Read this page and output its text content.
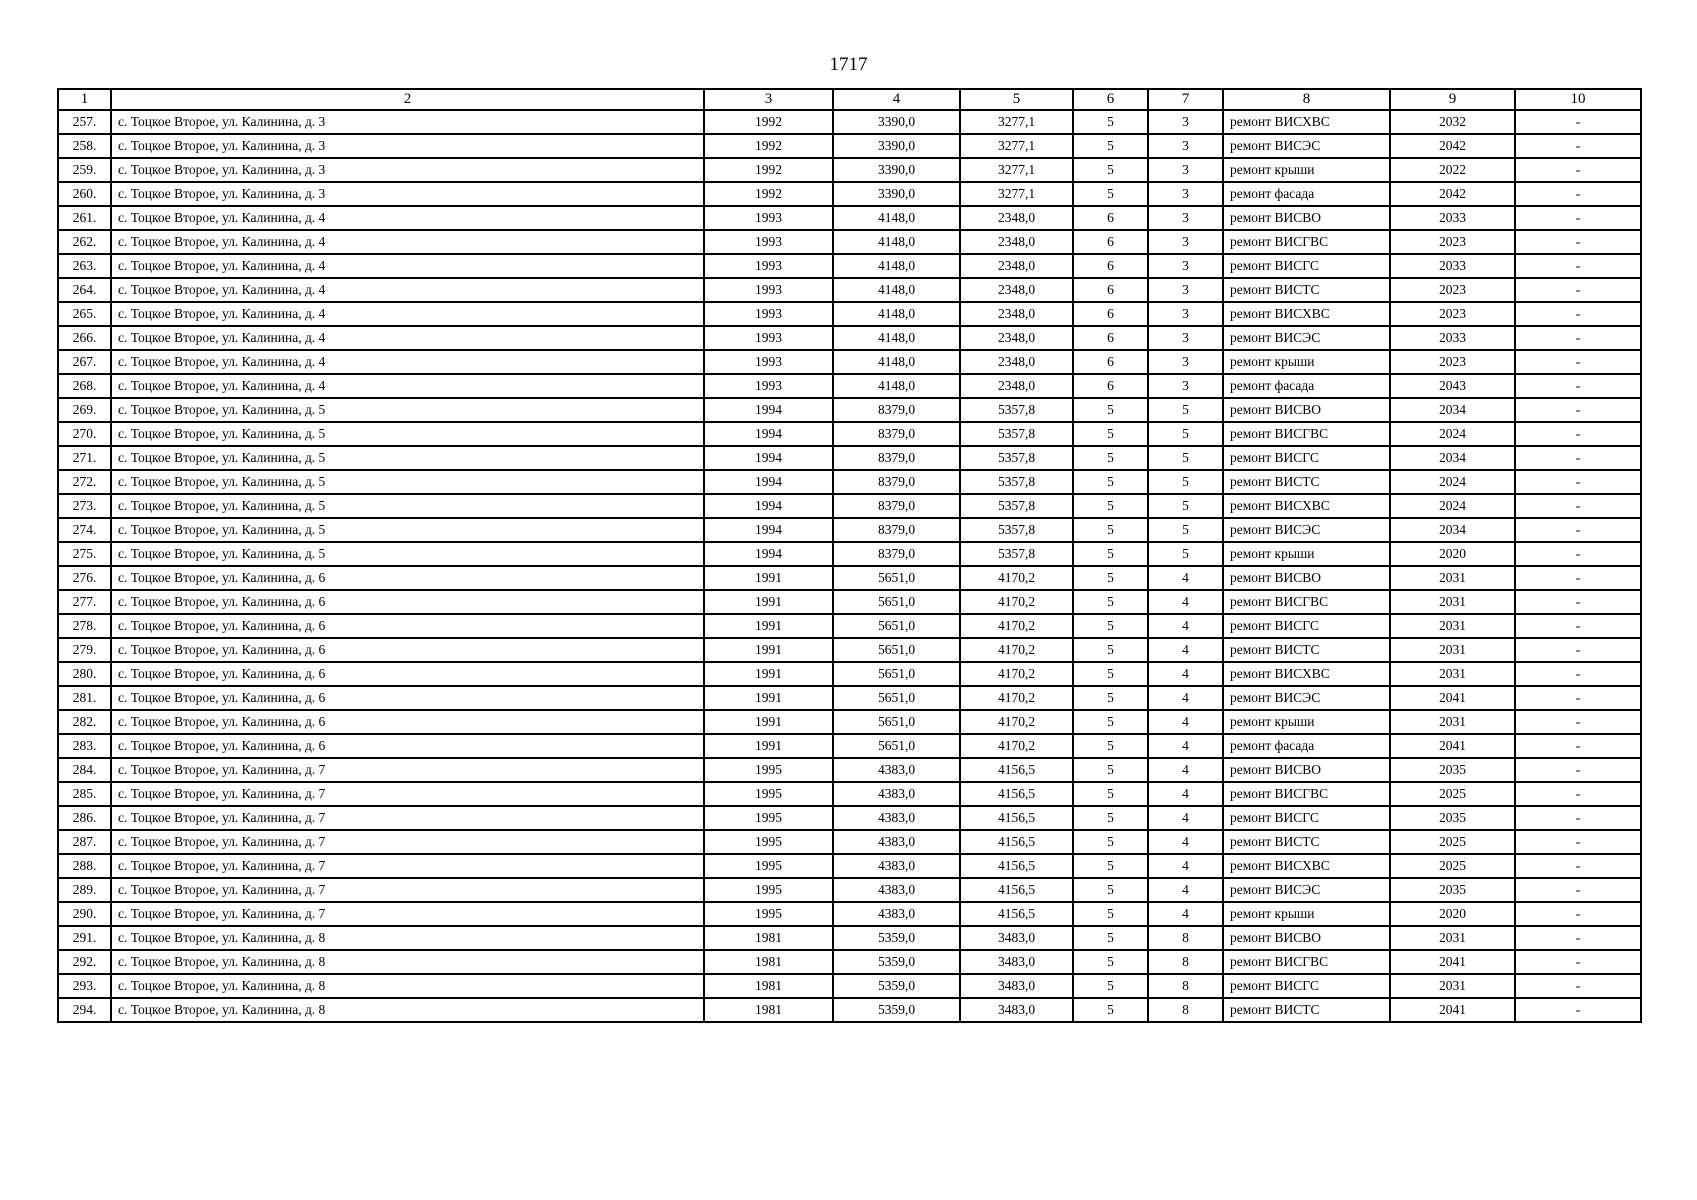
1717
1	2	3	4	5	6	7	8	9	10
257.	с. Тоцкое Второе, ул. Калинина, д. 3	1992	3390,0	3277,1	5	3	ремонт ВИСХВС	2032	-
258.	с. Тоцкое Второе, ул. Калинина, д. 3	1992	3390,0	3277,1	5	3	ремонт ВИСЭС	2042	-
259.	с. Тоцкое Второе, ул. Калинина, д. 3	1992	3390,0	3277,1	5	3	ремонт крыши	2022	-
260.	с. Тоцкое Второе, ул. Калинина, д. 3	1992	3390,0	3277,1	5	3	ремонт фасада	2042	-
261.	с. Тоцкое Второе, ул. Калинина, д. 4	1993	4148,0	2348,0	6	3	ремонт ВИСВО	2033	-
262.	с. Тоцкое Второе, ул. Калинина, д. 4	1993	4148,0	2348,0	6	3	ремонт ВИСГВС	2023	-
263.	с. Тоцкое Второе, ул. Калинина, д. 4	1993	4148,0	2348,0	6	3	ремонт ВИСГС	2033	-
264.	с. Тоцкое Второе, ул. Калинина, д. 4	1993	4148,0	2348,0	6	3	ремонт ВИСТС	2023	-
265.	с. Тоцкое Второе, ул. Калинина, д. 4	1993	4148,0	2348,0	6	3	ремонт ВИСХВС	2023	-
266.	с. Тоцкое Второе, ул. Калинина, д. 4	1993	4148,0	2348,0	6	3	ремонт ВИСЭС	2033	-
267.	с. Тоцкое Второе, ул. Калинина, д. 4	1993	4148,0	2348,0	6	3	ремонт крыши	2023	-
268.	с. Тоцкое Второе, ул. Калинина, д. 4	1993	4148,0	2348,0	6	3	ремонт фасада	2043	-
269.	с. Тоцкое Второе, ул. Калинина, д. 5	1994	8379,0	5357,8	5	5	ремонт ВИСВО	2034	-
270.	с. Тоцкое Второе, ул. Калинина, д. 5	1994	8379,0	5357,8	5	5	ремонт ВИСГВС	2024	-
271.	с. Тоцкое Второе, ул. Калинина, д. 5	1994	8379,0	5357,8	5	5	ремонт ВИСГС	2034	-
272.	с. Тоцкое Второе, ул. Калинина, д. 5	1994	8379,0	5357,8	5	5	ремонт ВИСТС	2024	-
273.	с. Тоцкое Второе, ул. Калинина, д. 5	1994	8379,0	5357,8	5	5	ремонт ВИСХВС	2024	-
274.	с. Тоцкое Второе, ул. Калинина, д. 5	1994	8379,0	5357,8	5	5	ремонт ВИСЭС	2034	-
275.	с. Тоцкое Второе, ул. Калинина, д. 5	1994	8379,0	5357,8	5	5	ремонт крыши	2020	-
276.	с. Тоцкое Второе, ул. Калинина, д. 6	1991	5651,0	4170,2	5	4	ремонт ВИСВО	2031	-
277.	с. Тоцкое Второе, ул. Калинина, д. 6	1991	5651,0	4170,2	5	4	ремонт ВИСГВС	2031	-
278.	с. Тоцкое Второе, ул. Калинина, д. 6	1991	5651,0	4170,2	5	4	ремонт ВИСГС	2031	-
279.	с. Тоцкое Второе, ул. Калинина, д. 6	1991	5651,0	4170,2	5	4	ремонт ВИСТС	2031	-
280.	с. Тоцкое Второе, ул. Калинина, д. 6	1991	5651,0	4170,2	5	4	ремонт ВИСХВС	2031	-
281.	с. Тоцкое Второе, ул. Калинина, д. 6	1991	5651,0	4170,2	5	4	ремонт ВИСЭС	2041	-
282.	с. Тоцкое Второе, ул. Калинина, д. 6	1991	5651,0	4170,2	5	4	ремонт крыши	2031	-
283.	с. Тоцкое Второе, ул. Калинина, д. 6	1991	5651,0	4170,2	5	4	ремонт фасада	2041	-
284.	с. Тоцкое Второе, ул. Калинина, д. 7	1995	4383,0	4156,5	5	4	ремонт ВИСВО	2035	-
285.	с. Тоцкое Второе, ул. Калинина, д. 7	1995	4383,0	4156,5	5	4	ремонт ВИСГВС	2025	-
286.	с. Тоцкое Второе, ул. Калинина, д. 7	1995	4383,0	4156,5	5	4	ремонт ВИСГС	2035	-
287.	с. Тоцкое Второе, ул. Калинина, д. 7	1995	4383,0	4156,5	5	4	ремонт ВИСТС	2025	-
288.	с. Тоцкое Второе, ул. Калинина, д. 7	1995	4383,0	4156,5	5	4	ремонт ВИСХВС	2025	-
289.	с. Тоцкое Второе, ул. Калинина, д. 7	1995	4383,0	4156,5	5	4	ремонт ВИСЭС	2035	-
290.	с. Тоцкое Второе, ул. Калинина, д. 7	1995	4383,0	4156,5	5	4	ремонт крыши	2020	-
291.	с. Тоцкое Второе, ул. Калинина, д. 8	1981	5359,0	3483,0	5	8	ремонт ВИСВО	2031	-
292.	с. Тоцкое Второе, ул. Калинина, д. 8	1981	5359,0	3483,0	5	8	ремонт ВИСГВС	2041	-
293.	с. Тоцкое Второе, ул. Калинина, д. 8	1981	5359,0	3483,0	5	8	ремонт ВИСГС	2031	-
294.	с. Тоцкое Второе, ул. Калинина, д. 8	1981	5359,0	3483,0	5	8	ремонт ВИСТС	2041	-
